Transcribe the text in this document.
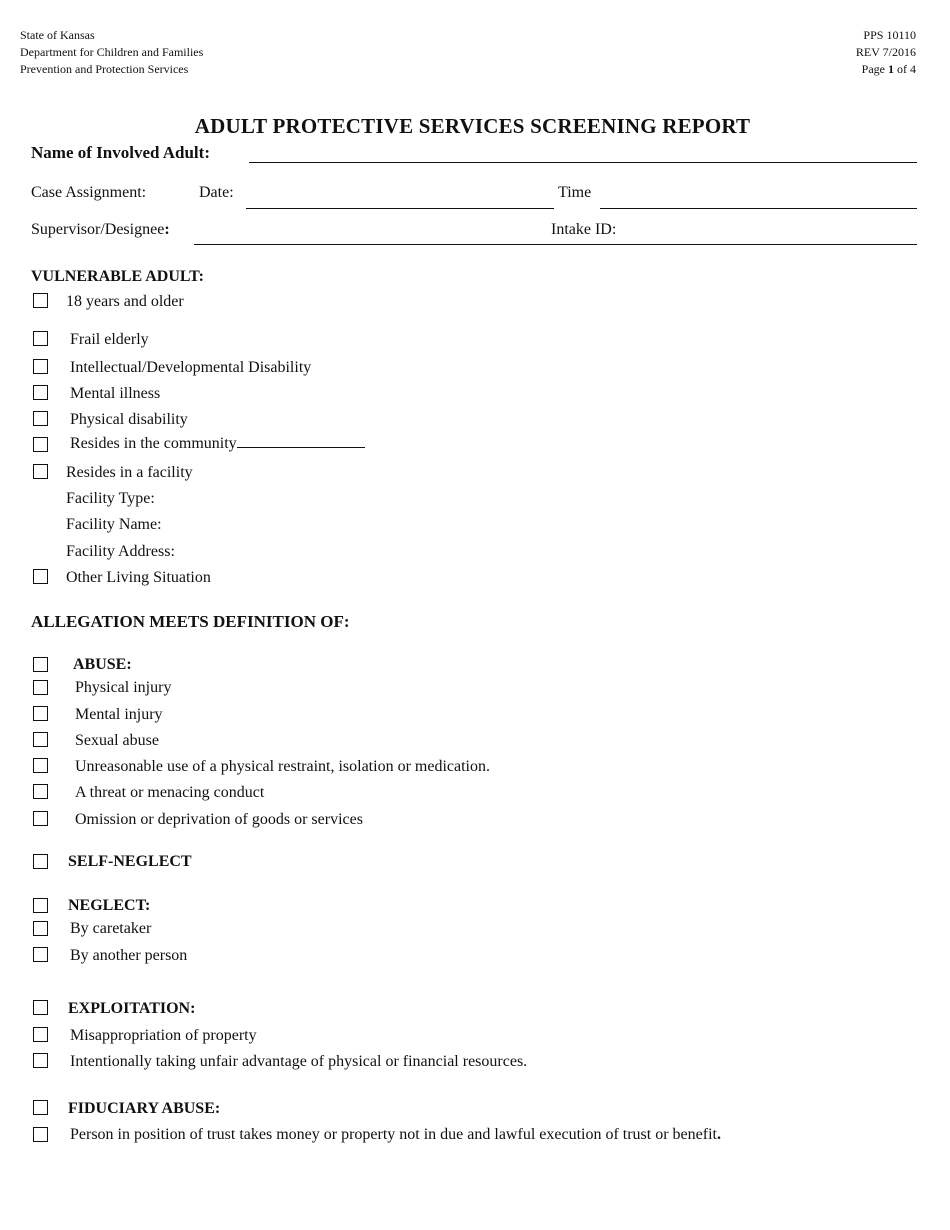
State of Kansas
Department for Children and Families
Prevention and Protection Services
PPS 10110
REV 7/2016
Page 1 of 4
ADULT PROTECTIVE SERVICES SCREENING REPORT
Name of Involved Adult:
Case Assignment:	Date:	Time
Supervisor/Designee:	Intake ID:
VULNERABLE ADULT:
18 years and older
Frail elderly
Intellectual/Developmental Disability
Mental illness
Physical disability
Resides in the community
Resides in a facility
Facility Type:
Facility Name:
Facility Address:
Other Living Situation
ALLEGATION MEETS DEFINITION OF:
ABUSE:
Physical injury
Mental injury
Sexual abuse
Unreasonable use of a physical restraint, isolation or medication.
A threat or menacing conduct
Omission or deprivation of goods or services
SELF-NEGLECT
NEGLECT:
By caretaker
By another person
EXPLOITATION:
Misappropriation of property
Intentionally taking unfair advantage of physical or financial resources.
FIDUCIARY ABUSE:
Person in position of trust takes money or property not in due and lawful execution of trust or benefit.
